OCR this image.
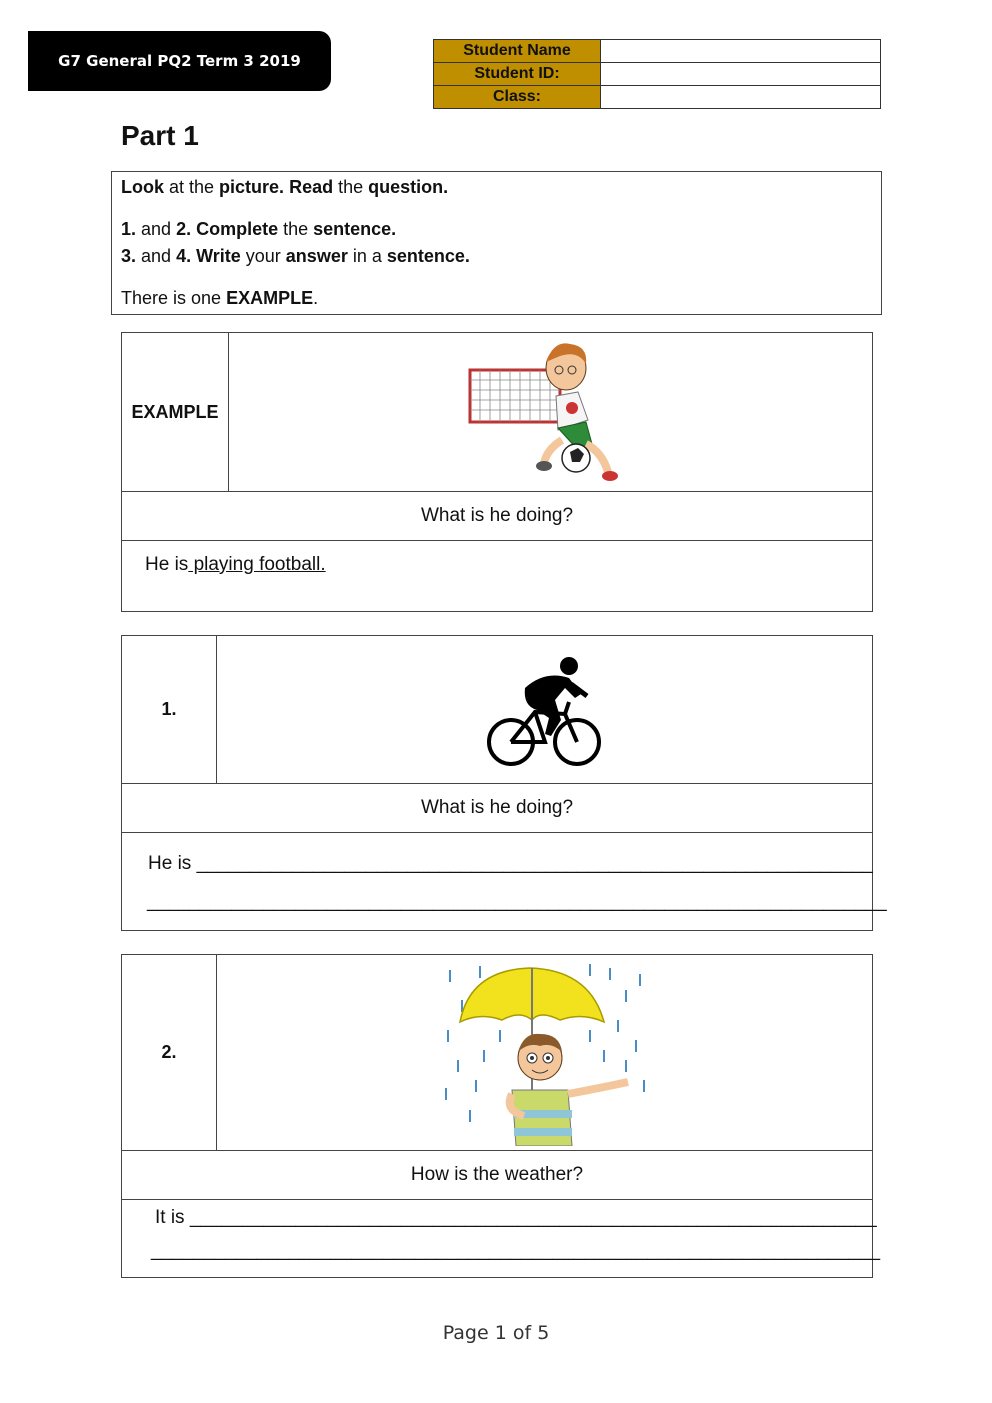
G7 General PQ2 Term 3 2019
Student Name	
Student ID:	
Class:	
Part 1

Look at the picture. Read the question.

1. and 2. Complete the sentence.

3. and 4. Write your answer in a sentence.

There is one EXAMPLE.

EXAMPLE
What is he doing?
He is playing football.
1.
What is he doing?
He is ________________________________________________________________
______________________________________________________________________
2.
How is the weather?
It is _________________________________________________________________
_____________________________________________________________________
Page 1 of 5
